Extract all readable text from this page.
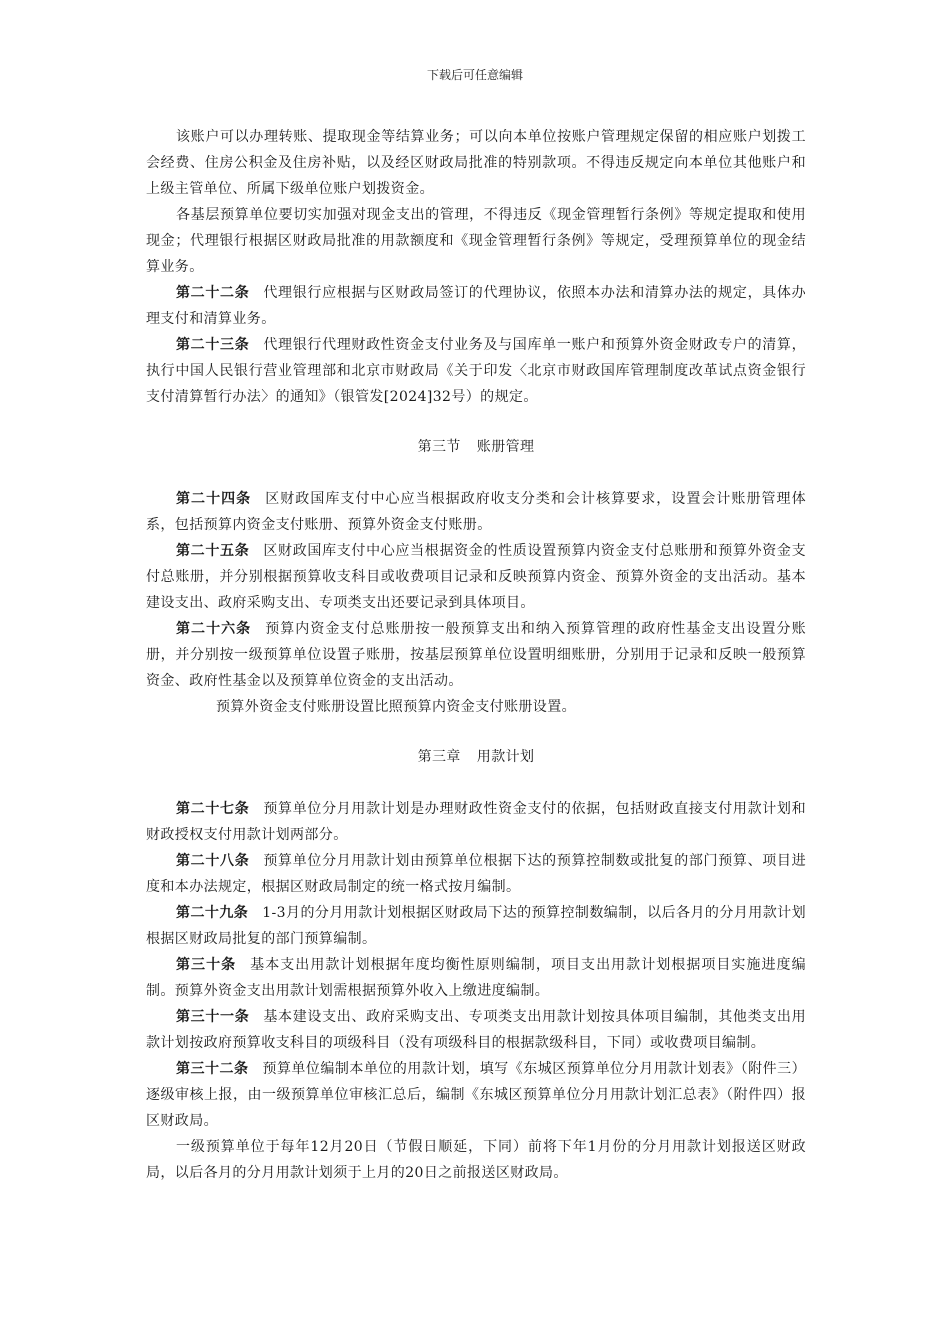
下载后可任意编辑

该账户可以办理转账、提取现金等结算业务；可以向本单位按账户管理规定保留的相应账户划拨工会经费、住房公积金及住房补贴，以及经区财政局批准的特别款项。不得违反规定向本单位其他账户和上级主管单位、所属下级单位账户划拨资金。

各基层预算单位要切实加强对现金支出的管理，不得违反《现金管理暂行条例》等规定提取和使用现金；代理银行根据区财政局批准的用款额度和《现金管理暂行条例》等规定，受理预算单位的现金结算业务。

第二十二条 代理银行应根据与区财政局签订的代理协议，依照本办法和清算办法的规定，具体办理支付和清算业务。

第二十三条 代理银行代理财政性资金支付业务及与国库单一账户和预算外资金财政专户的清算，执行中国人民银行营业管理部和北京市财政局《关于印发〈北京市财政国库管理制度改革试点资金银行支付清算暂行办法〉的通知》（银管发[2024]32号）的规定。

第三节 账册管理

第二十四条 区财政国库支付中心应当根据政府收支分类和会计核算要求，设置会计账册管理体系，包括预算内资金支付账册、预算外资金支付账册。

第二十五条 区财政国库支付中心应当根据资金的性质设置预算内资金支付总账册和预算外资金支付总账册，并分别根据预算收支科目或收费项目记录和反映预算内资金、预算外资金的支出活动。基本建设支出、政府采购支出、专项类支出还要记录到具体项目。

第二十六条 预算内资金支付总账册按一般预算支出和纳入预算管理的政府性基金支出设置分账册，并分别按一级预算单位设置子账册，按基层预算单位设置明细账册，分别用于记录和反映一般预算资金、政府性基金以及预算单位资金的支出活动。

预算外资金支付账册设置比照预算内资金支付账册设置。

第三章 用款计划

第二十七条 预算单位分月用款计划是办理财政性资金支付的依据，包括财政直接支付用款计划和财政授权支付用款计划两部分。

第二十八条 预算单位分月用款计划由预算单位根据下达的预算控制数或批复的部门预算、项目进度和本办法规定，根据区财政局制定的统一格式按月编制。

第二十九条 1-3月的分月用款计划根据区财政局下达的预算控制数编制，以后各月的分月用款计划根据区财政局批复的部门预算编制。

第三十条 基本支出用款计划根据年度均衡性原则编制，项目支出用款计划根据项目实施进度编制。预算外资金支出用款计划需根据预算外收入上缴进度编制。

第三十一条 基本建设支出、政府采购支出、专项类支出用款计划按具体项目编制，其他类支出用款计划按政府预算收支科目的项级科目（没有项级科目的根据款级科目，下同）或收费项目编制。

第三十二条 预算单位编制本单位的用款计划，填写《东城区预算单位分月用款计划表》（附件三）逐级审核上报，由一级预算单位审核汇总后，编制《东城区预算单位分月用款计划汇总表》（附件四）报区财政局。

一级预算单位于每年12月20日（节假日顺延，下同）前将下年1月份的分月用款计划报送区财政局，以后各月的分月用款计划须于上月的20日之前报送区财政局。
